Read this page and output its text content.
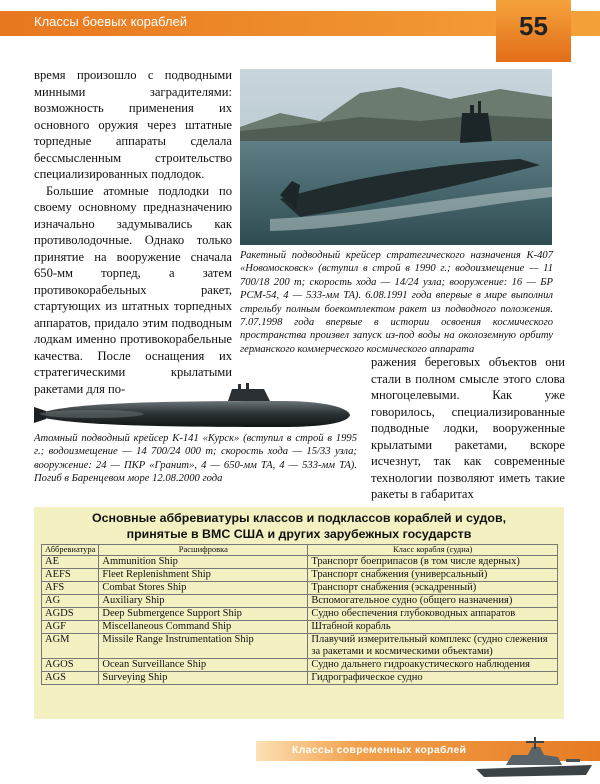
Классы боевых кораблей	55

время произошло с подводными минными заградителями: возможность применения их основного оружия через штатные торпедные аппараты сделала бессмысленным строительство специализированных подлодок.

Большие атомные подлодки по своему основному предназначению изначально задумывались как противолодочные. Однако только принятие на вооружение сначала 650-мм торпед, а затем противокорабельных ракет, стартующих из штатных торпедных аппаратов, придало этим подводным лодкам именно противокорабельные качества. После оснащения их стратегическими крылатыми ракетами для по-

Ракетный подводный крейсер стратегического назначения К-407 «Новомосковск» (вступил в строй в 1990 г.; водоизмещение — 11 700/18 200 т; скорость хода — 14/24 узла; вооружение: 16 — БР РСМ-54, 4 — 533-мм ТА). 6.08.1991 года впервые в мире выполнил стрельбу полным боекомплектом ракет из подводного положения. 7.07.1998 года впервые в истории освоения космического пространства произвел запуск из-под воды на околоземную орбиту германского коммерческого космического аппарата

ражения береговых объектов они стали в полном смысле этого слова многоцелевыми. Как уже говорилось, специализированные подводные лодки, вооруженные крылатыми ракетами, вскоре исчезнут, так как современные технологии позволяют иметь такие ракеты в габаритах

Атомный подводный крейсер К-141 «Курск» (вступил в строй в 1995 г.; водоизмещение — 14 700/24 000 т; скорость хода — 15/33 узла; вооружение: 24 — ПКР «Гранит», 4 — 650-мм ТА, 4 — 533-мм ТА). Погиб в Баренцевом море 12.08.2000 года
Основные аббревиатуры классов и подклассов кораблей и судов,
принятые в ВМС США и других зарубежных государств
Аббревиатура	Расшифровка	Класс корабля (судна)
AE	Ammunition Ship	Транспорт боеприпасов (в том числе ядерных)
AEFS	Fleet Replenishment Ship	Транспорт снабжения (универсальный)
AFS	Combat Stores Ship	Транспорт снабжения (эскадренный)
AG	Auxiliary Ship	Вспомогательное судно (общего назначения)
AGDS	Deep Submergence Support Ship	Судно обеспечения глубоководных аппаратов
AGF	Miscellaneous Command Ship	Штабной корабль
AGM	Missile Range Instrumentation Ship	Плавучий измерительный комплекс (судно слежения за ракетами и космическими объектами)
AGOS	Ocean Surveillance Ship	Судно дальнего гидроакустического наблюдения
AGS	Surveying Ship	Гидрографическое судно
Классы современных кораблей
